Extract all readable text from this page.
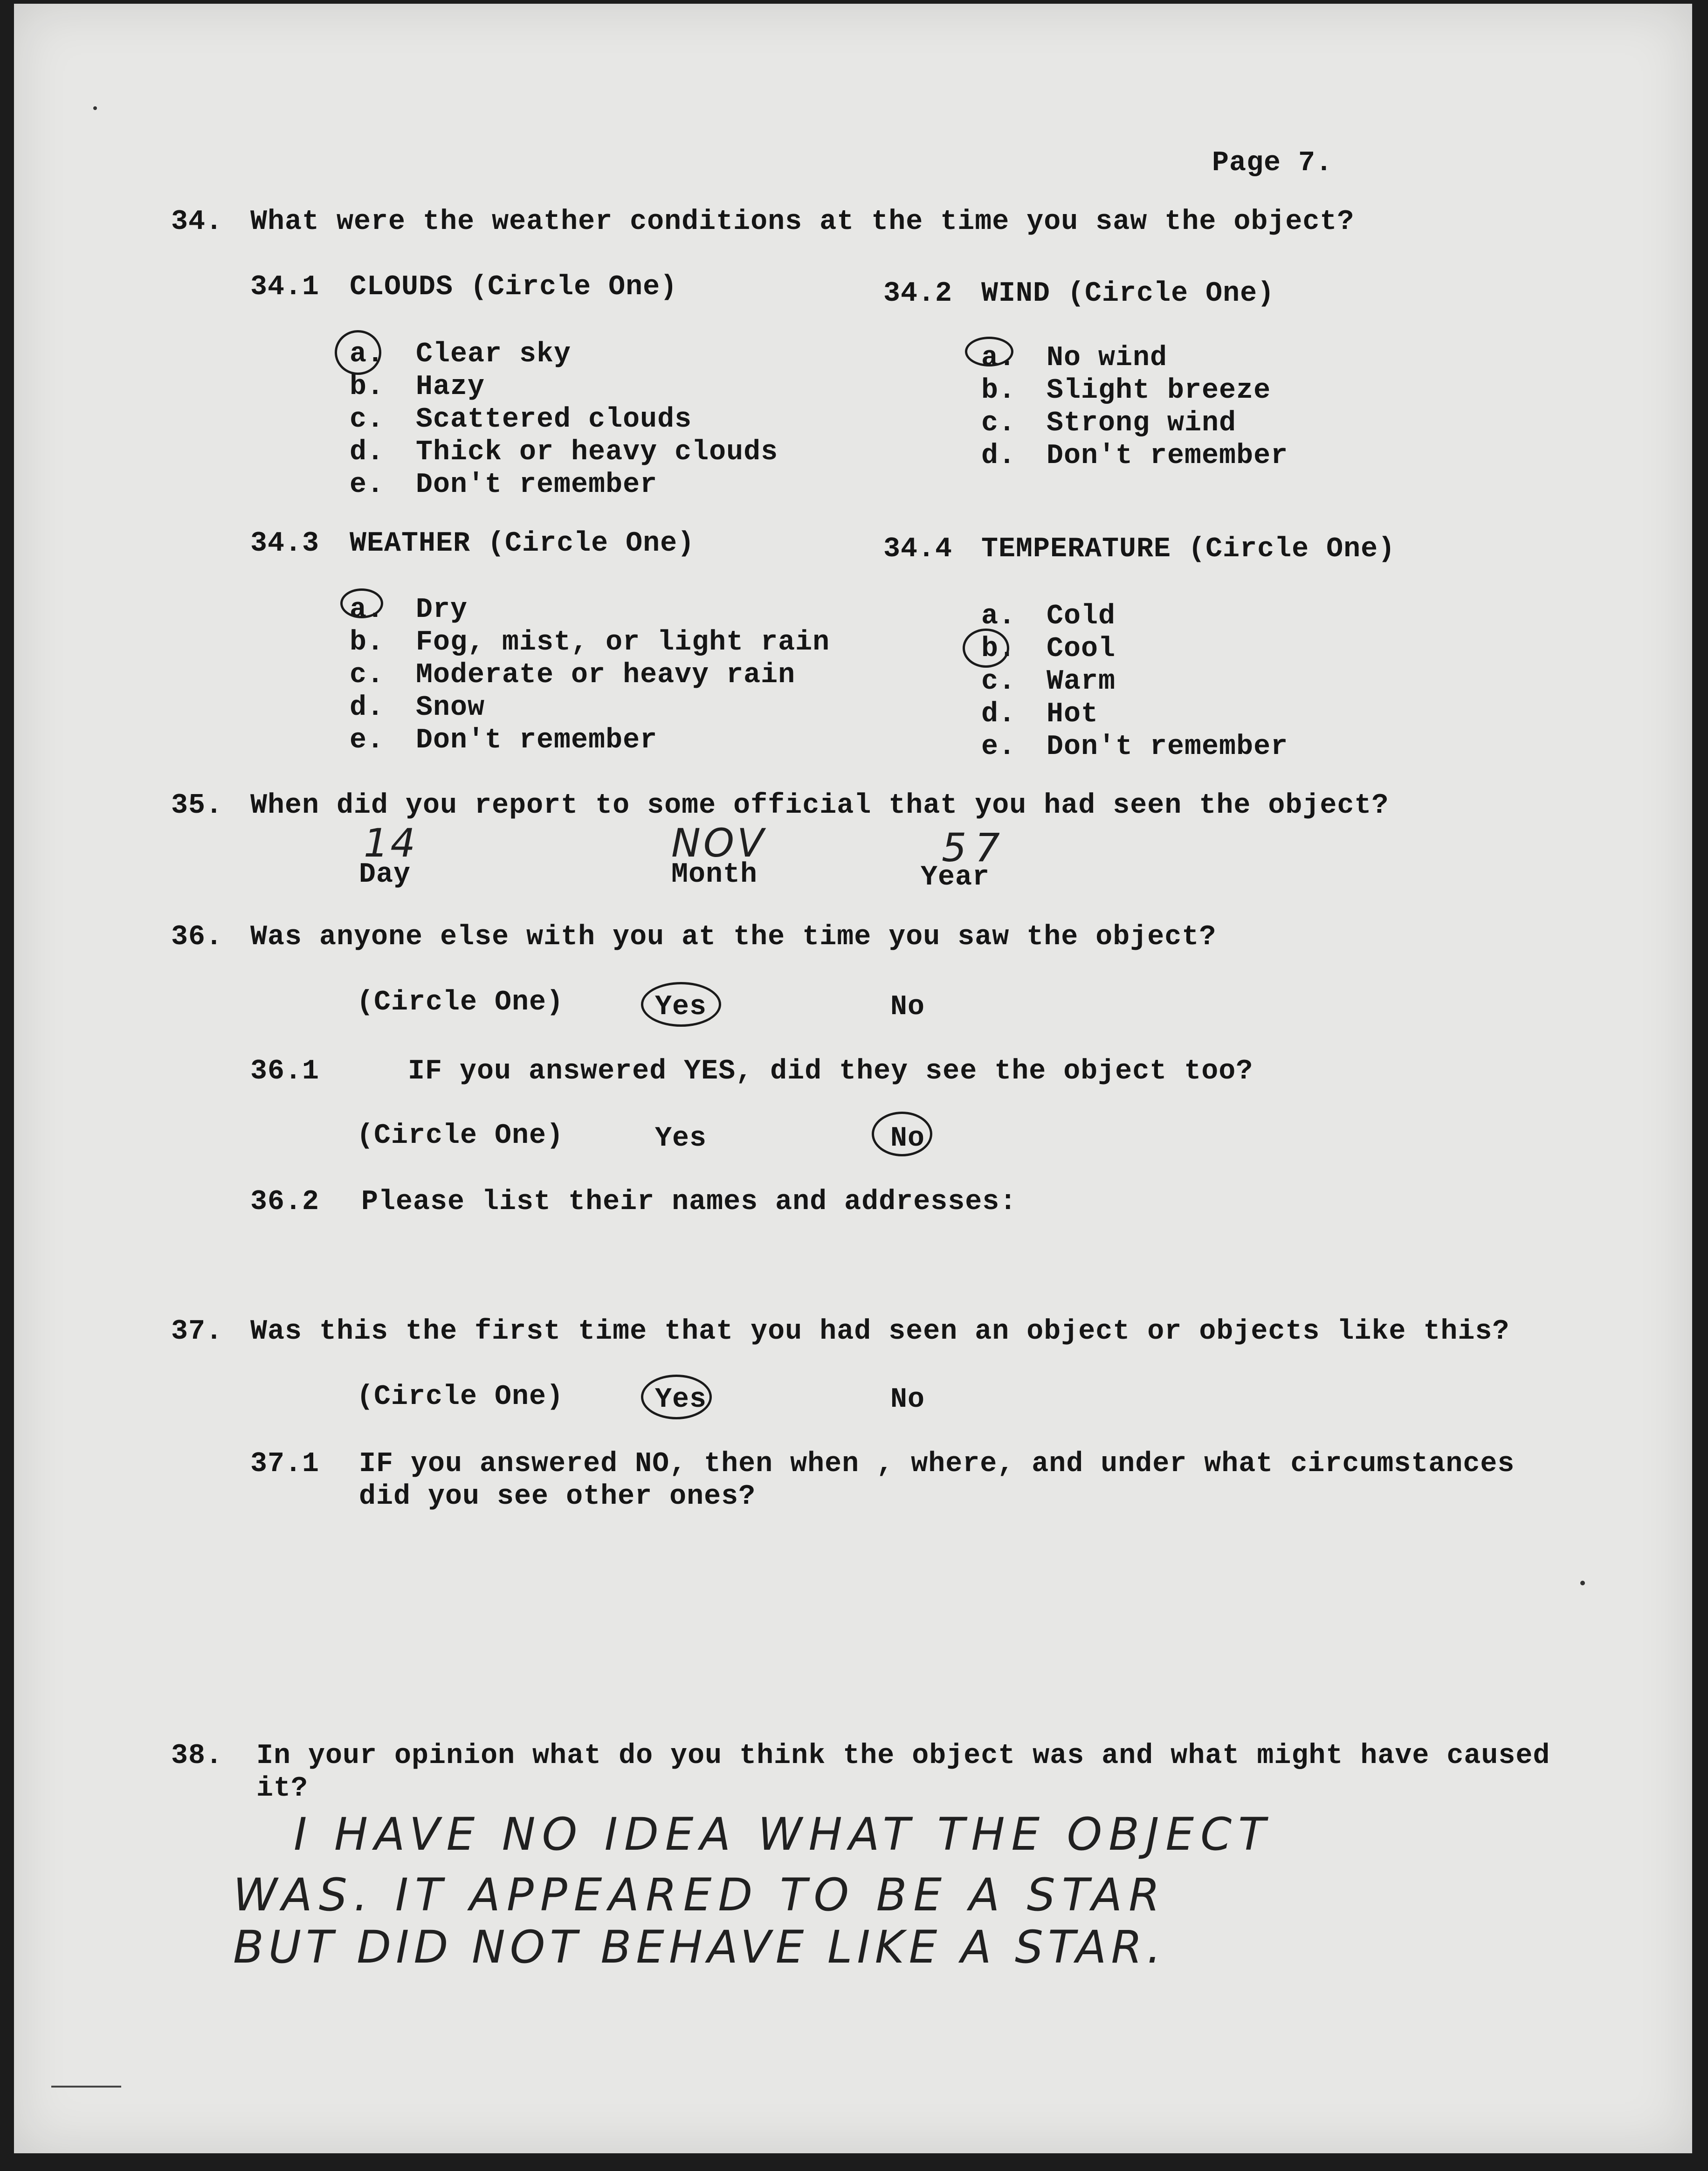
Page 7.
34. What were the weather conditions at the time you saw the object?
34.1 CLOUDS (Circle One)
a. Clear sky
b. Hazy
c. Scattered clouds
d. Thick or heavy clouds
e. Don't remember
34.2 WIND (Circle One)
a. No wind
b. Slight breeze
c. Strong wind
d. Don't remember
34.3 WEATHER (Circle One)
a. Dry
b. Fog, mist, or light rain
c. Moderate or heavy rain
d. Snow
e. Don't remember
34.4 TEMPERATURE (Circle One)
a. Cold
b. Cool
c. Warm
d. Hot
e. Don't remember
35. When did you report to some official that you had seen the object?
14	NOV	57
Day	Month	Year
36. Was anyone else with you at the time you saw the object?
(Circle One)	Yes	No
36.1	IF you answered YES, did they see the object too?
(Circle One)	Yes	No
36.2 Please list their names and addresses:
37. Was this the first time that you had seen an object or objects like this?
(Circle One)	Yes	No
37.1 IF you answered NO, then when , where, and under what circumstances
did you see other ones?
38. In your opinion what do you think the object was and what might have caused
it?
I HAVE NO IDEA WHAT THE OBJECT
WAS. IT APPEARED TO BE A STAR
BUT DID NOT BEHAVE LIKE A STAR.
